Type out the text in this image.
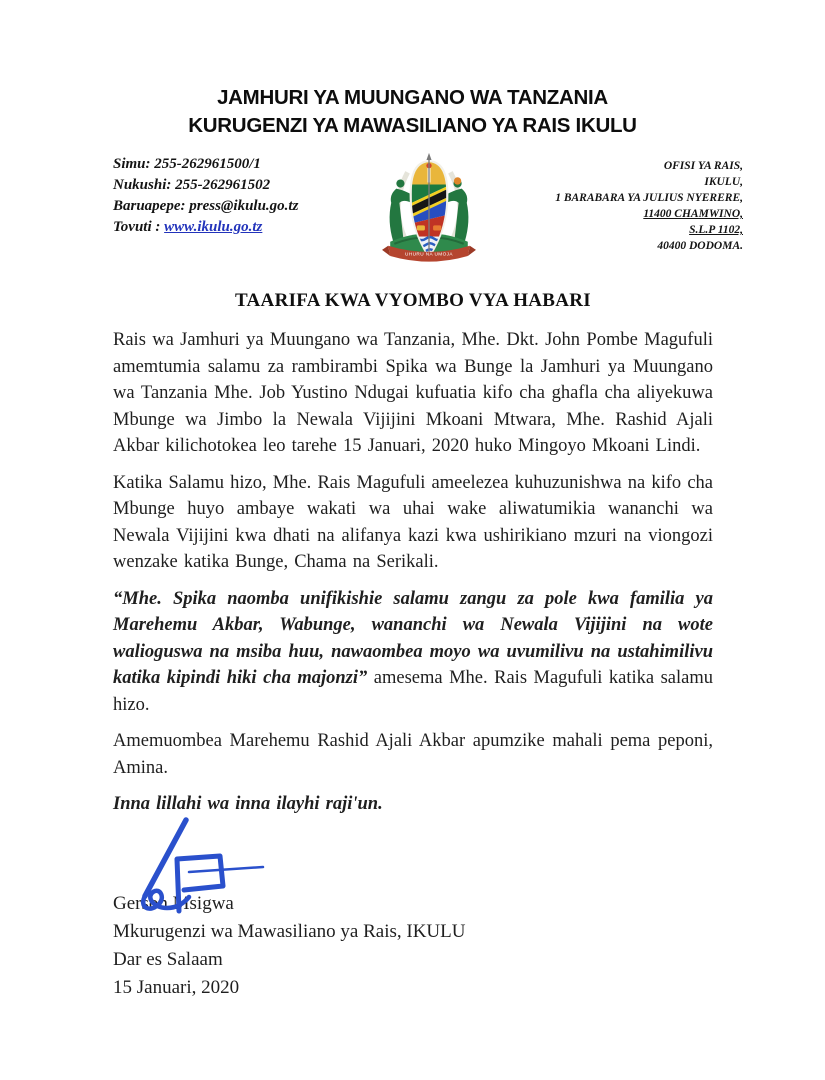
JAMHURI YA MUUNGANO WA TANZANIA
KURUGENZI YA MAWASILIANO YA RAIS IKULU
Simu: 255-262961500/1
Nukushi: 255-262961502
Baruapepe: press@ikulu.go.tz
Tovuti : www.ikulu.go.tz
UHURU NA UMOJA
OFISI YA RAIS,
IKULU,
1 BARABARA YA JULIUS NYERERE,
11400 CHAMWINO,
S.L.P 1102,
40400 DODOMA.
TAARIFA KWA VYOMBO VYA HABARI

Rais wa Jamhuri ya Muungano wa Tanzania, Mhe. Dkt. John Pombe Magufuli amemtumia salamu za rambirambi Spika wa Bunge la Jamhuri ya Muungano wa Tanzania Mhe. Job Yustino Ndugai kufuatia kifo cha ghafla cha aliyekuwa Mbunge wa Jimbo la Newala Vijijini Mkoani Mtwara, Mhe. Rashid Ajali Akbar kilichotokea leo tarehe 15 Januari, 2020 huko Mingoyo Mkoani Lindi.

Katika Salamu hizo, Mhe. Rais Magufuli ameelezea kuhuzunishwa na kifo cha Mbunge huyo ambaye wakati wa uhai wake aliwatumikia wananchi wa Newala Vijijini kwa dhati na alifanya kazi kwa ushirikiano mzuri na viongozi wenzake katika Bunge, Chama na Serikali.

“Mhe. Spika naomba unifikishie salamu zangu za pole kwa familia ya Marehemu Akbar, Wabunge, wananchi wa Newala Vijijini na wote walioguswa na msiba huu, nawaombea moyo wa uvumilivu na ustahimilivu katika kipindi hiki cha majonzi” amesema Mhe. Rais Magufuli katika salamu hizo.

Amemuombea Marehemu Rashid Ajali Akbar apumzike mahali pema peponi, Amina.

Inna lillahi wa inna ilayhi raji'un.

Gerson Msigwa
Mkurugenzi wa Mawasiliano ya Rais, IKULU
Dar es Salaam
15 Januari, 2020
